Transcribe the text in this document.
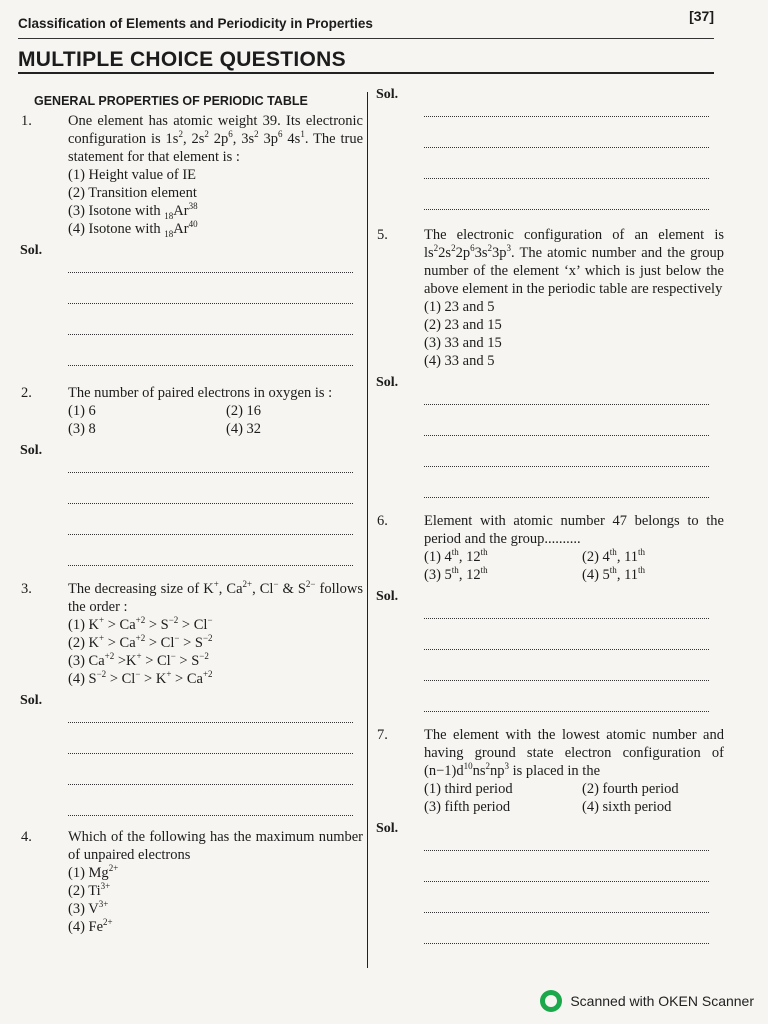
Classification of Elements and Periodicity in Properties	[37]
MULTIPLE CHOICE QUESTIONS
GENERAL PROPERTIES OF PERIODIC TABLE
1. One element has atomic weight 39. Its electronic configuration is $1s^2$, $2s^2$ $2p^6$, $3s^2$ $3p^6$ $4s^1$. The true statement for that element is :
(1) Height value of IE
(2) Transition element
(3) Isotone with $_{18}Ar^{38}$
(4) Isotone with $_{18}Ar^{40}$
Sol.
2. The number of paired electrons in oxygen is :
(1) 6	(2) 16
(3) 8	(4) 32
Sol.
3. The decreasing size of K+, $Ca^{2+}$, Cl− & $S^{2-}$ follows the order :
(1) $K^+ > Ca^{+2} > S^{-2} > Cl^-$
(2) $K^+ > Ca^{+2} > Cl^- > S^{-2}$
(3) $Ca^{+2} >K^+ > Cl^- > S^{-2}$
(4) $S^{-2} > Cl^- > K^+ > Ca^{+2}$
Sol.
4. Which of the following has the maximum number of unpaired electrons
(1) $Mg^{2+}$
(2) $Ti^{3+}$
(3) $V^{3+}$
(4) $Fe^{2+}$
Sol.
5. The electronic configuration of an element is $ls^22s^22p^63s^23p^3$. The atomic number and the group number of the element ‘x’ which is just below the above element in the periodic table are respectively
(1) 23 and 5
(2) 23 and 15
(3) 33 and 15
(4) 33 and 5
Sol.
6. Element with atomic number 47 belongs to the period and the group..........
(1) 4th, 12th	(2) 4th, 11th
(3) 5th, 12th	(4) 5th, 11th
Sol.
7. The element with the lowest atomic number and having ground state electron configuration of $(n-1)d^{10}ns^2np^3$ is placed in the
(1) third period	(2) fourth period
(3) fifth period	(4) sixth period
Sol.
Scanned with OKEN Scanner
